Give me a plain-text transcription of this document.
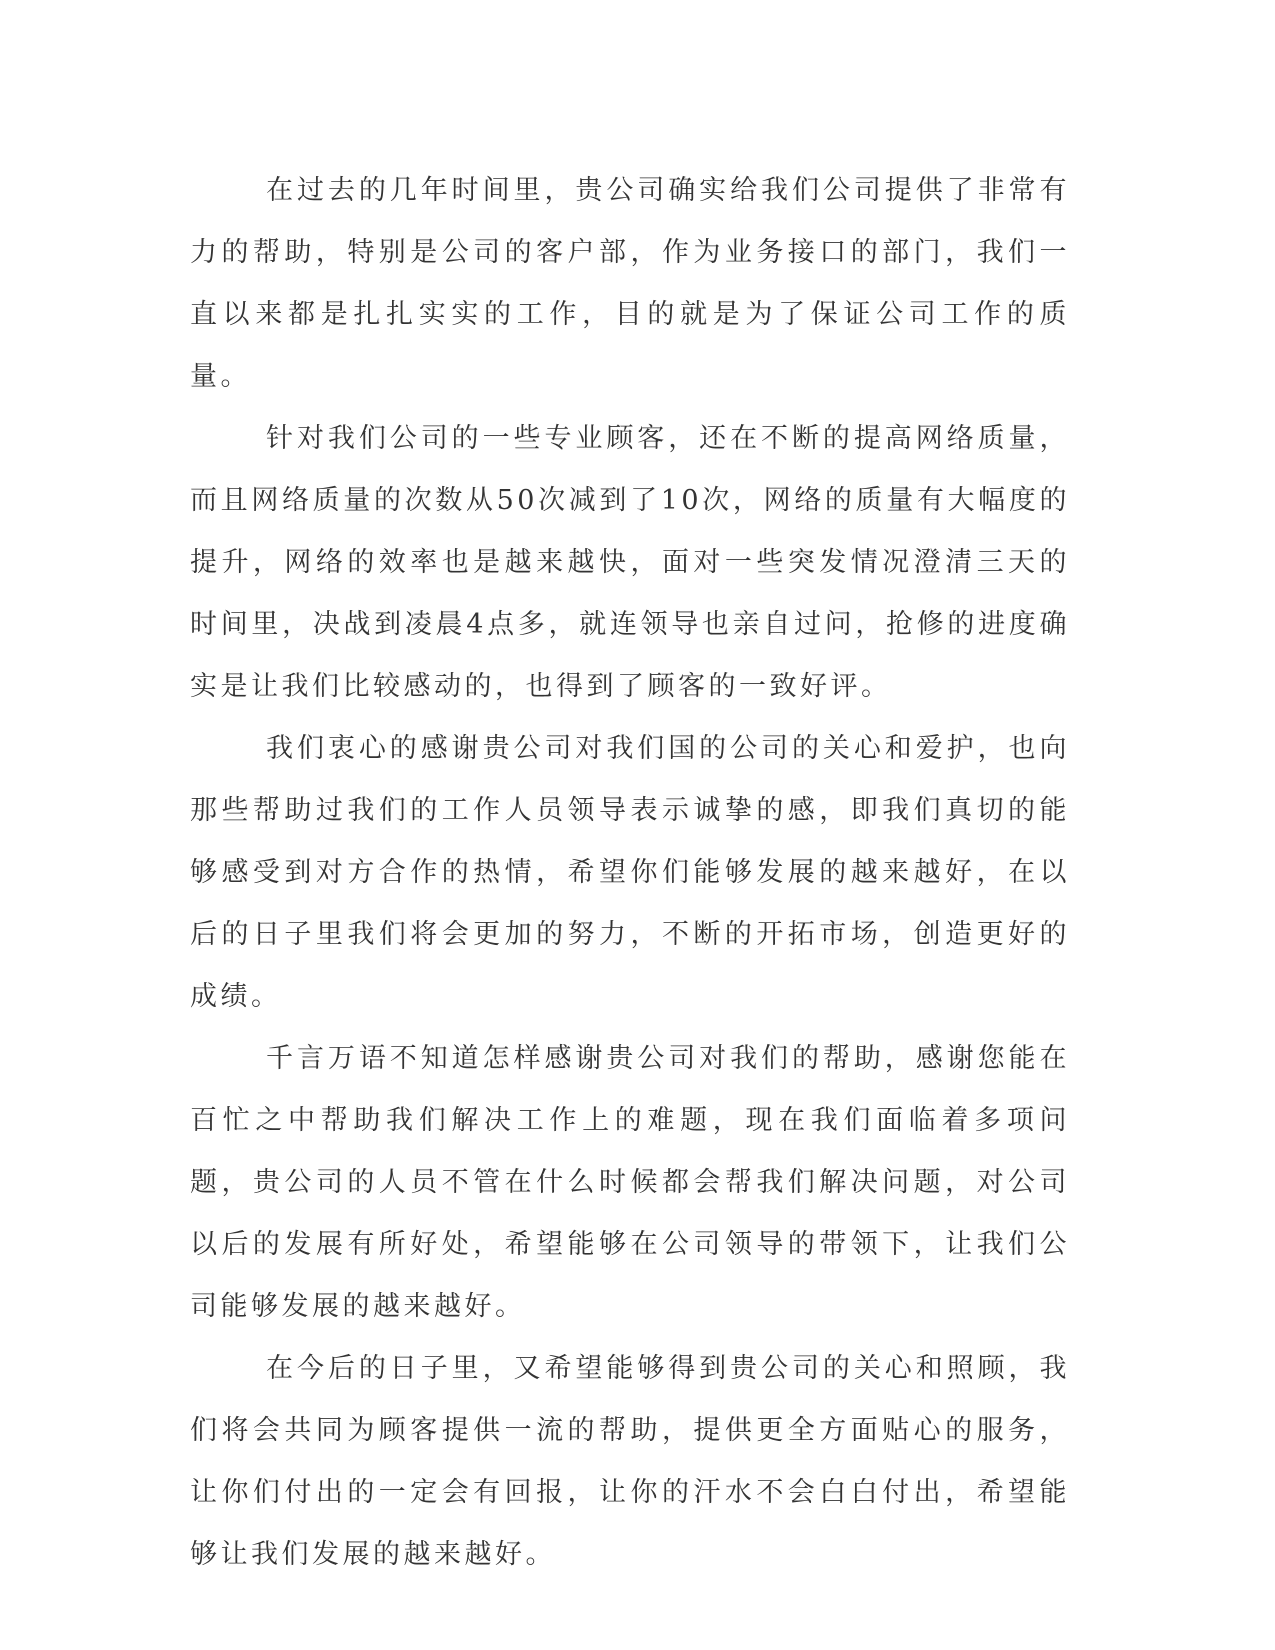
在过去的几年时间里，贵公司确实给我们公司提供了非常有力的帮助，特别是公司的客户部，作为业务接口的部门，我们一直以来都是扎扎实实的工作，目的就是为了保证公司工作的质量。

针对我们公司的一些专业顾客，还在不断的提高网络质量，而且网络质量的次数从50次减到了10次，网络的质量有大幅度的提升，网络的效率也是越来越快，面对一些突发情况澄清三天的时间里，决战到凌晨4点多，就连领导也亲自过问，抢修的进度确实是让我们比较感动的，也得到了顾客的一致好评。

我们衷心的感谢贵公司对我们国的公司的关心和爱护，也向那些帮助过我们的工作人员领导表示诚挚的感，即我们真切的能够感受到对方合作的热情，希望你们能够发展的越来越好，在以后的日子里我们将会更加的努力，不断的开拓市场，创造更好的成绩。

千言万语不知道怎样感谢贵公司对我们的帮助，感谢您能在百忙之中帮助我们解决工作上的难题，现在我们面临着多项问题，贵公司的人员不管在什么时候都会帮我们解决问题，对公司以后的发展有所好处，希望能够在公司领导的带领下，让我们公司能够发展的越来越好。

在今后的日子里，又希望能够得到贵公司的关心和照顾，我们将会共同为顾客提供一流的帮助，提供更全方面贴心的服务，让你们付出的一定会有回报，让你的汗水不会白白付出，希望能够让我们发展的越来越好。
